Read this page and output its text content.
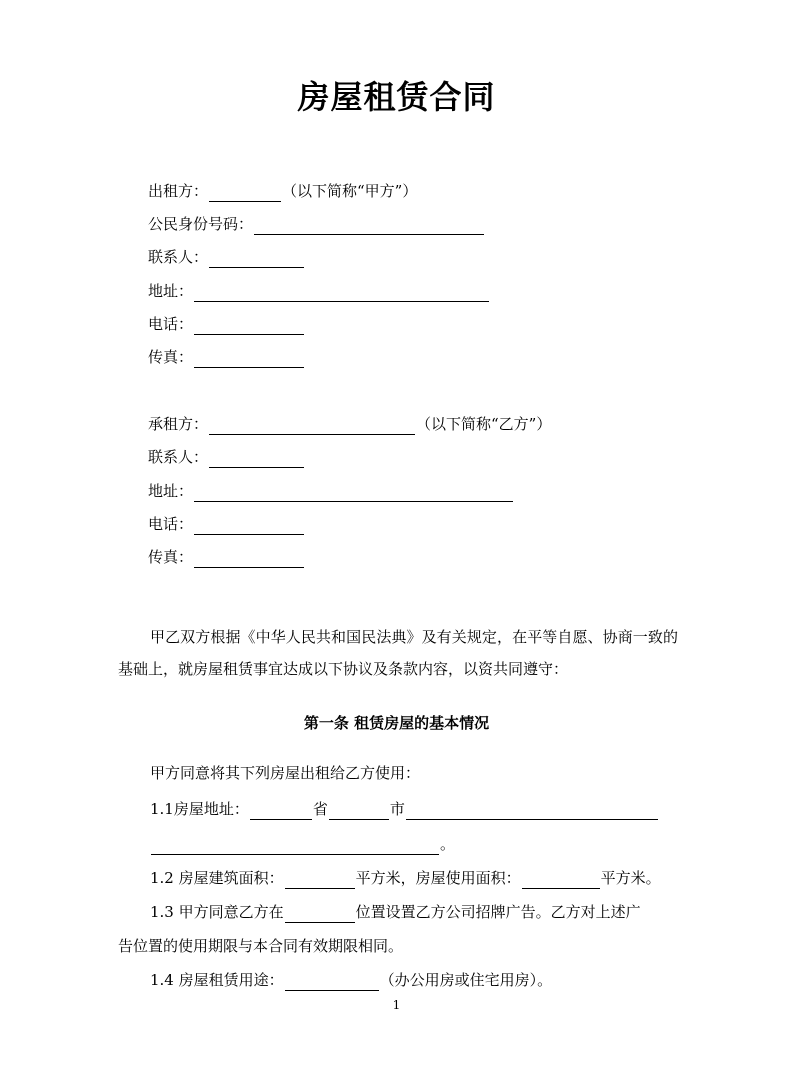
房屋租赁合同
出租方：	（以下简称“甲方”）
公民身份号码：
联系人：
地址：
电话：
传真：
承租方：	（以下简称“乙方”）
联系人：
地址：
电话：
传真：
甲乙双方根据《中华人民共和国民法典》及有关规定，在平等自愿、协商一致的基础上，就房屋租赁事宜达成以下协议及条款内容，以资共同遵守：
第一条 租赁房屋的基本情况
甲方同意将其下列房屋出租给乙方使用：
1.1房屋地址：	省	市
。
1.2 房屋建筑面积：	平方米，房屋使用面积：	平方米。
1.3 甲方同意乙方在	位置设置乙方公司招牌广告。乙方对上述广
告位置的使用期限与本合同有效期限相同。
1.4 房屋租赁用途：	（办公用房或住宅用房）。
1
